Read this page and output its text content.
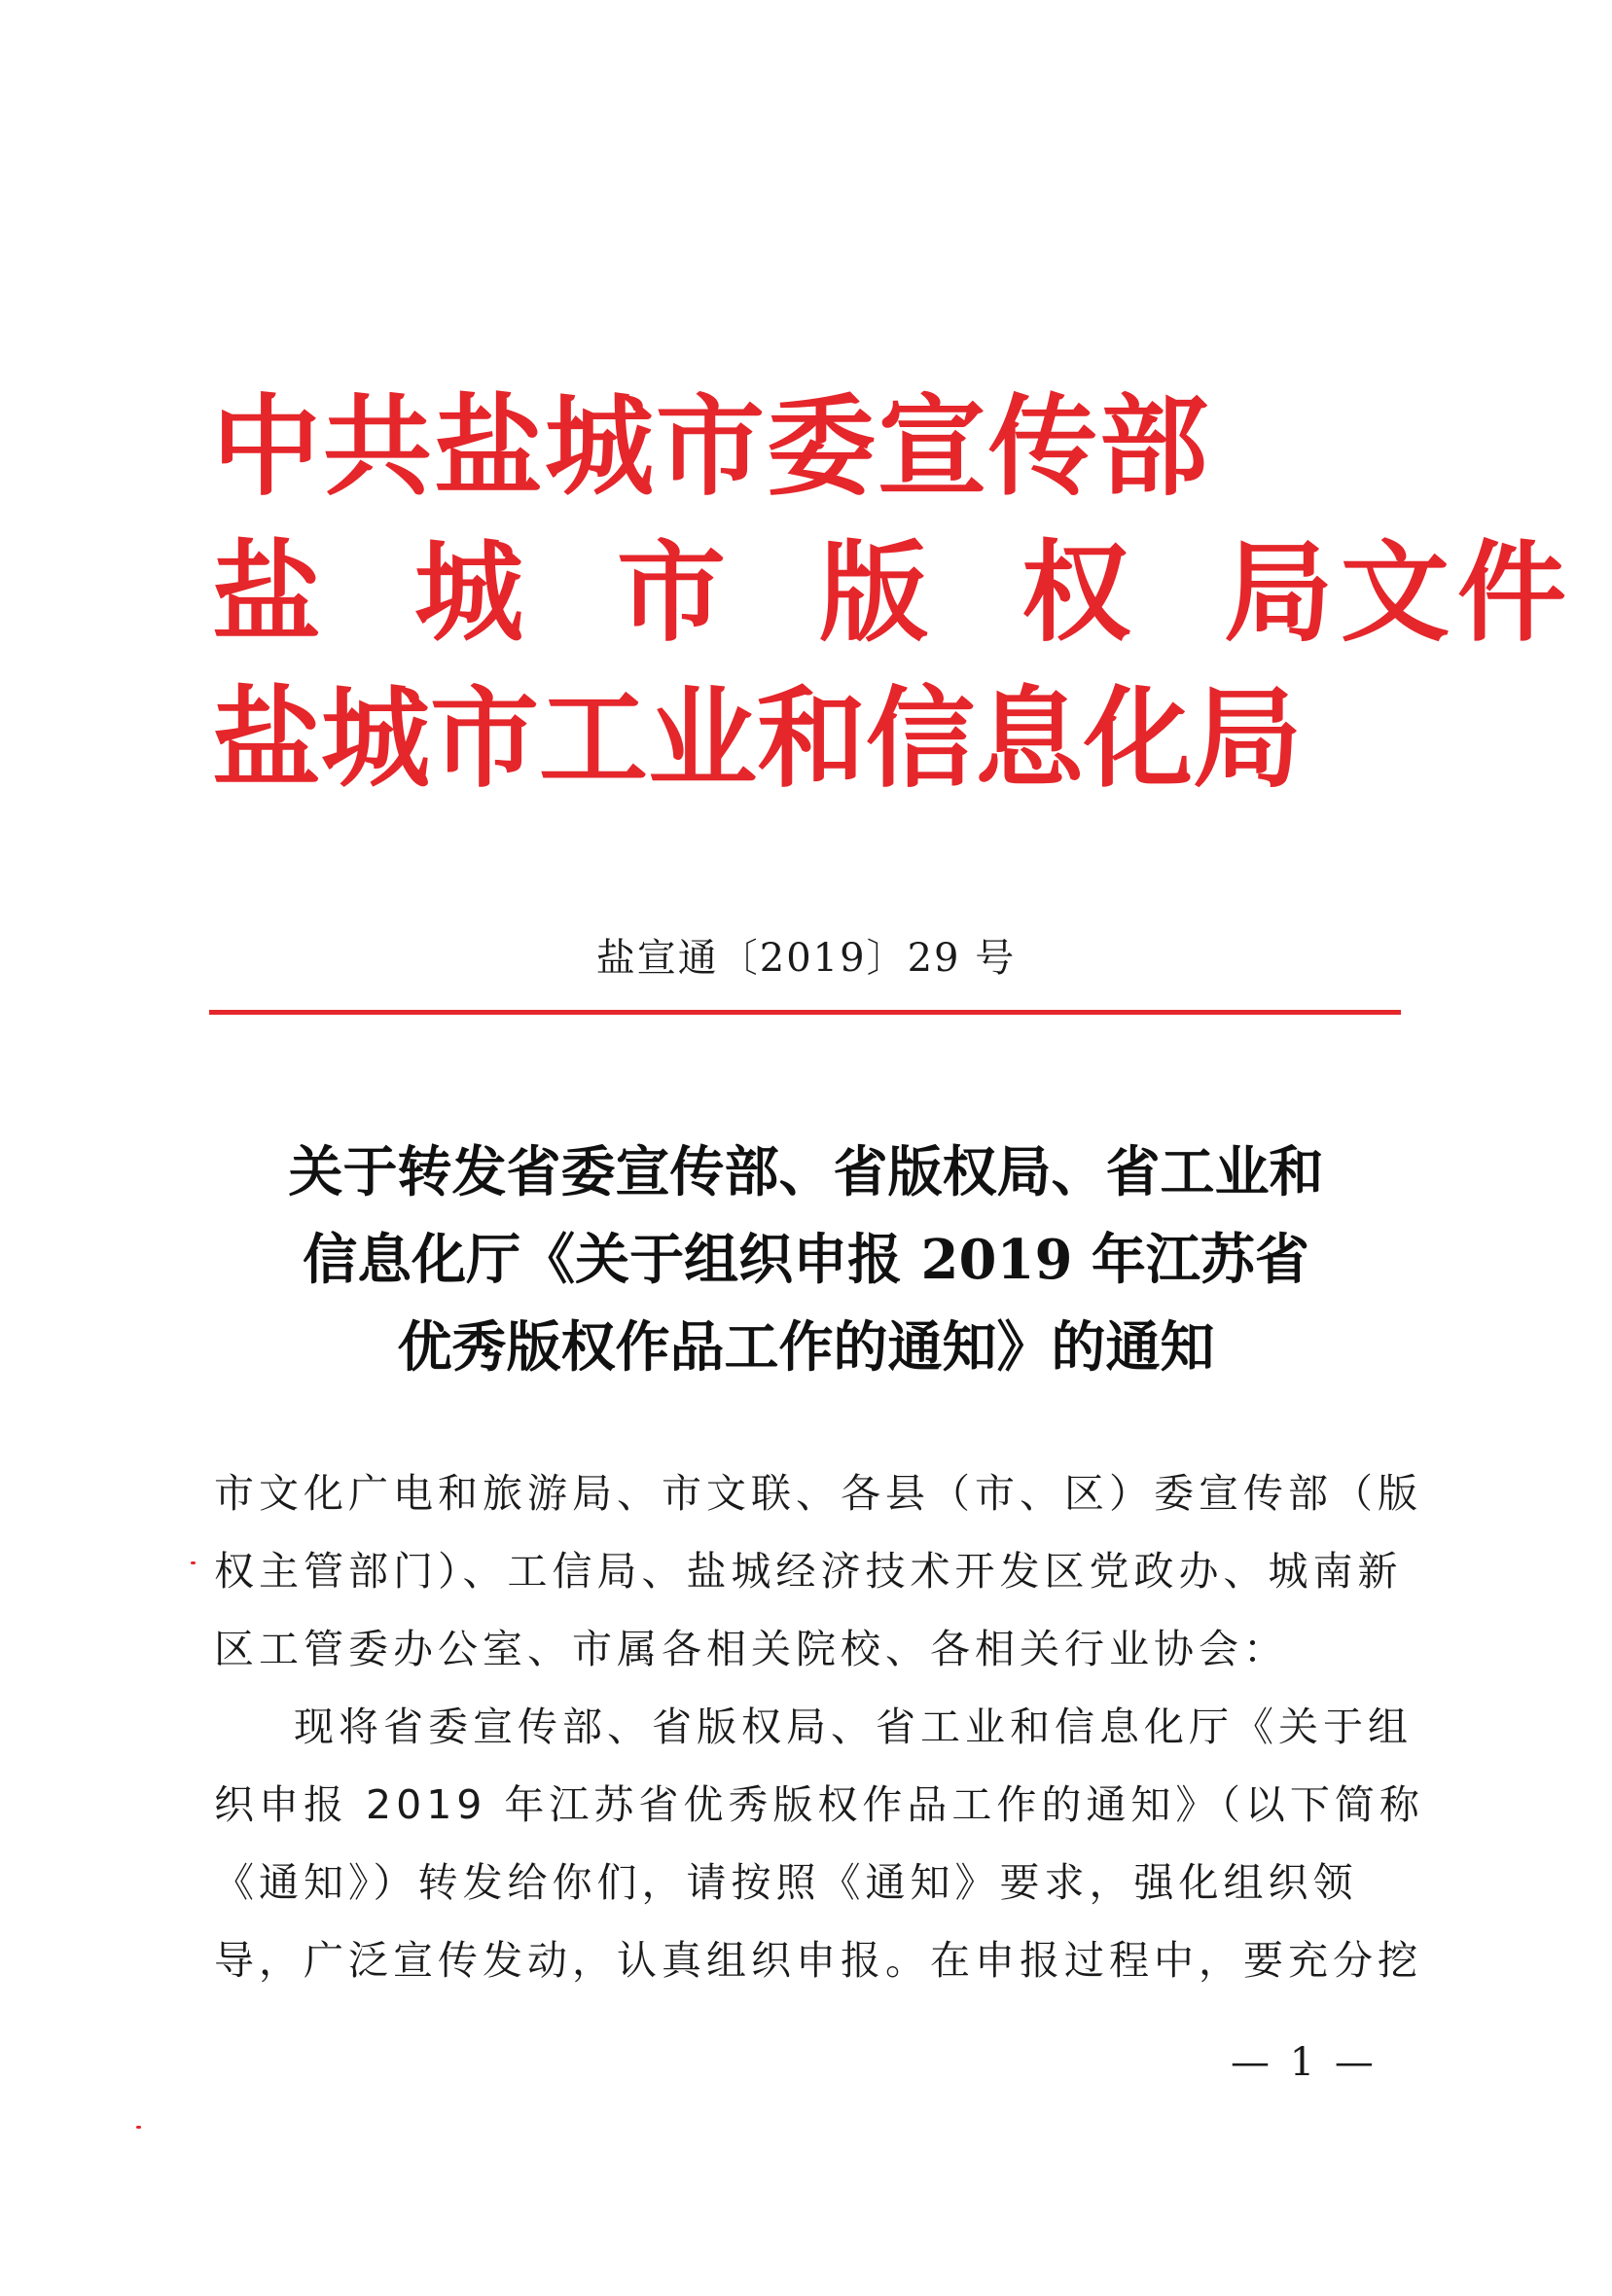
中共盐城市委宣传部
盐 城 市 版 权 局文件
盐城市工业和信息化局
盐宣通〔2019〕29 号
关于转发省委宣传部、省版权局、省工业和
信息化厅《关于组织申报 2019 年江苏省
优秀版权作品工作的通知》的通知
市文化广电和旅游局、市文联、各县（市、区）委宣传部（版
权主管部门）、工信局、盐城经济技术开发区党政办、城南新
区工管委办公室、市属各相关院校、各相关行业协会：
现将省委宣传部、省版权局、省工业和信息化厅《关于组
织申报 2019 年江苏省优秀版权作品工作的通知》（以下简称
《通知》）转发给你们，请按照《通知》要求，强化组织领
导，广泛宣传发动，认真组织申报。在申报过程中，要充分挖
— 1 —
